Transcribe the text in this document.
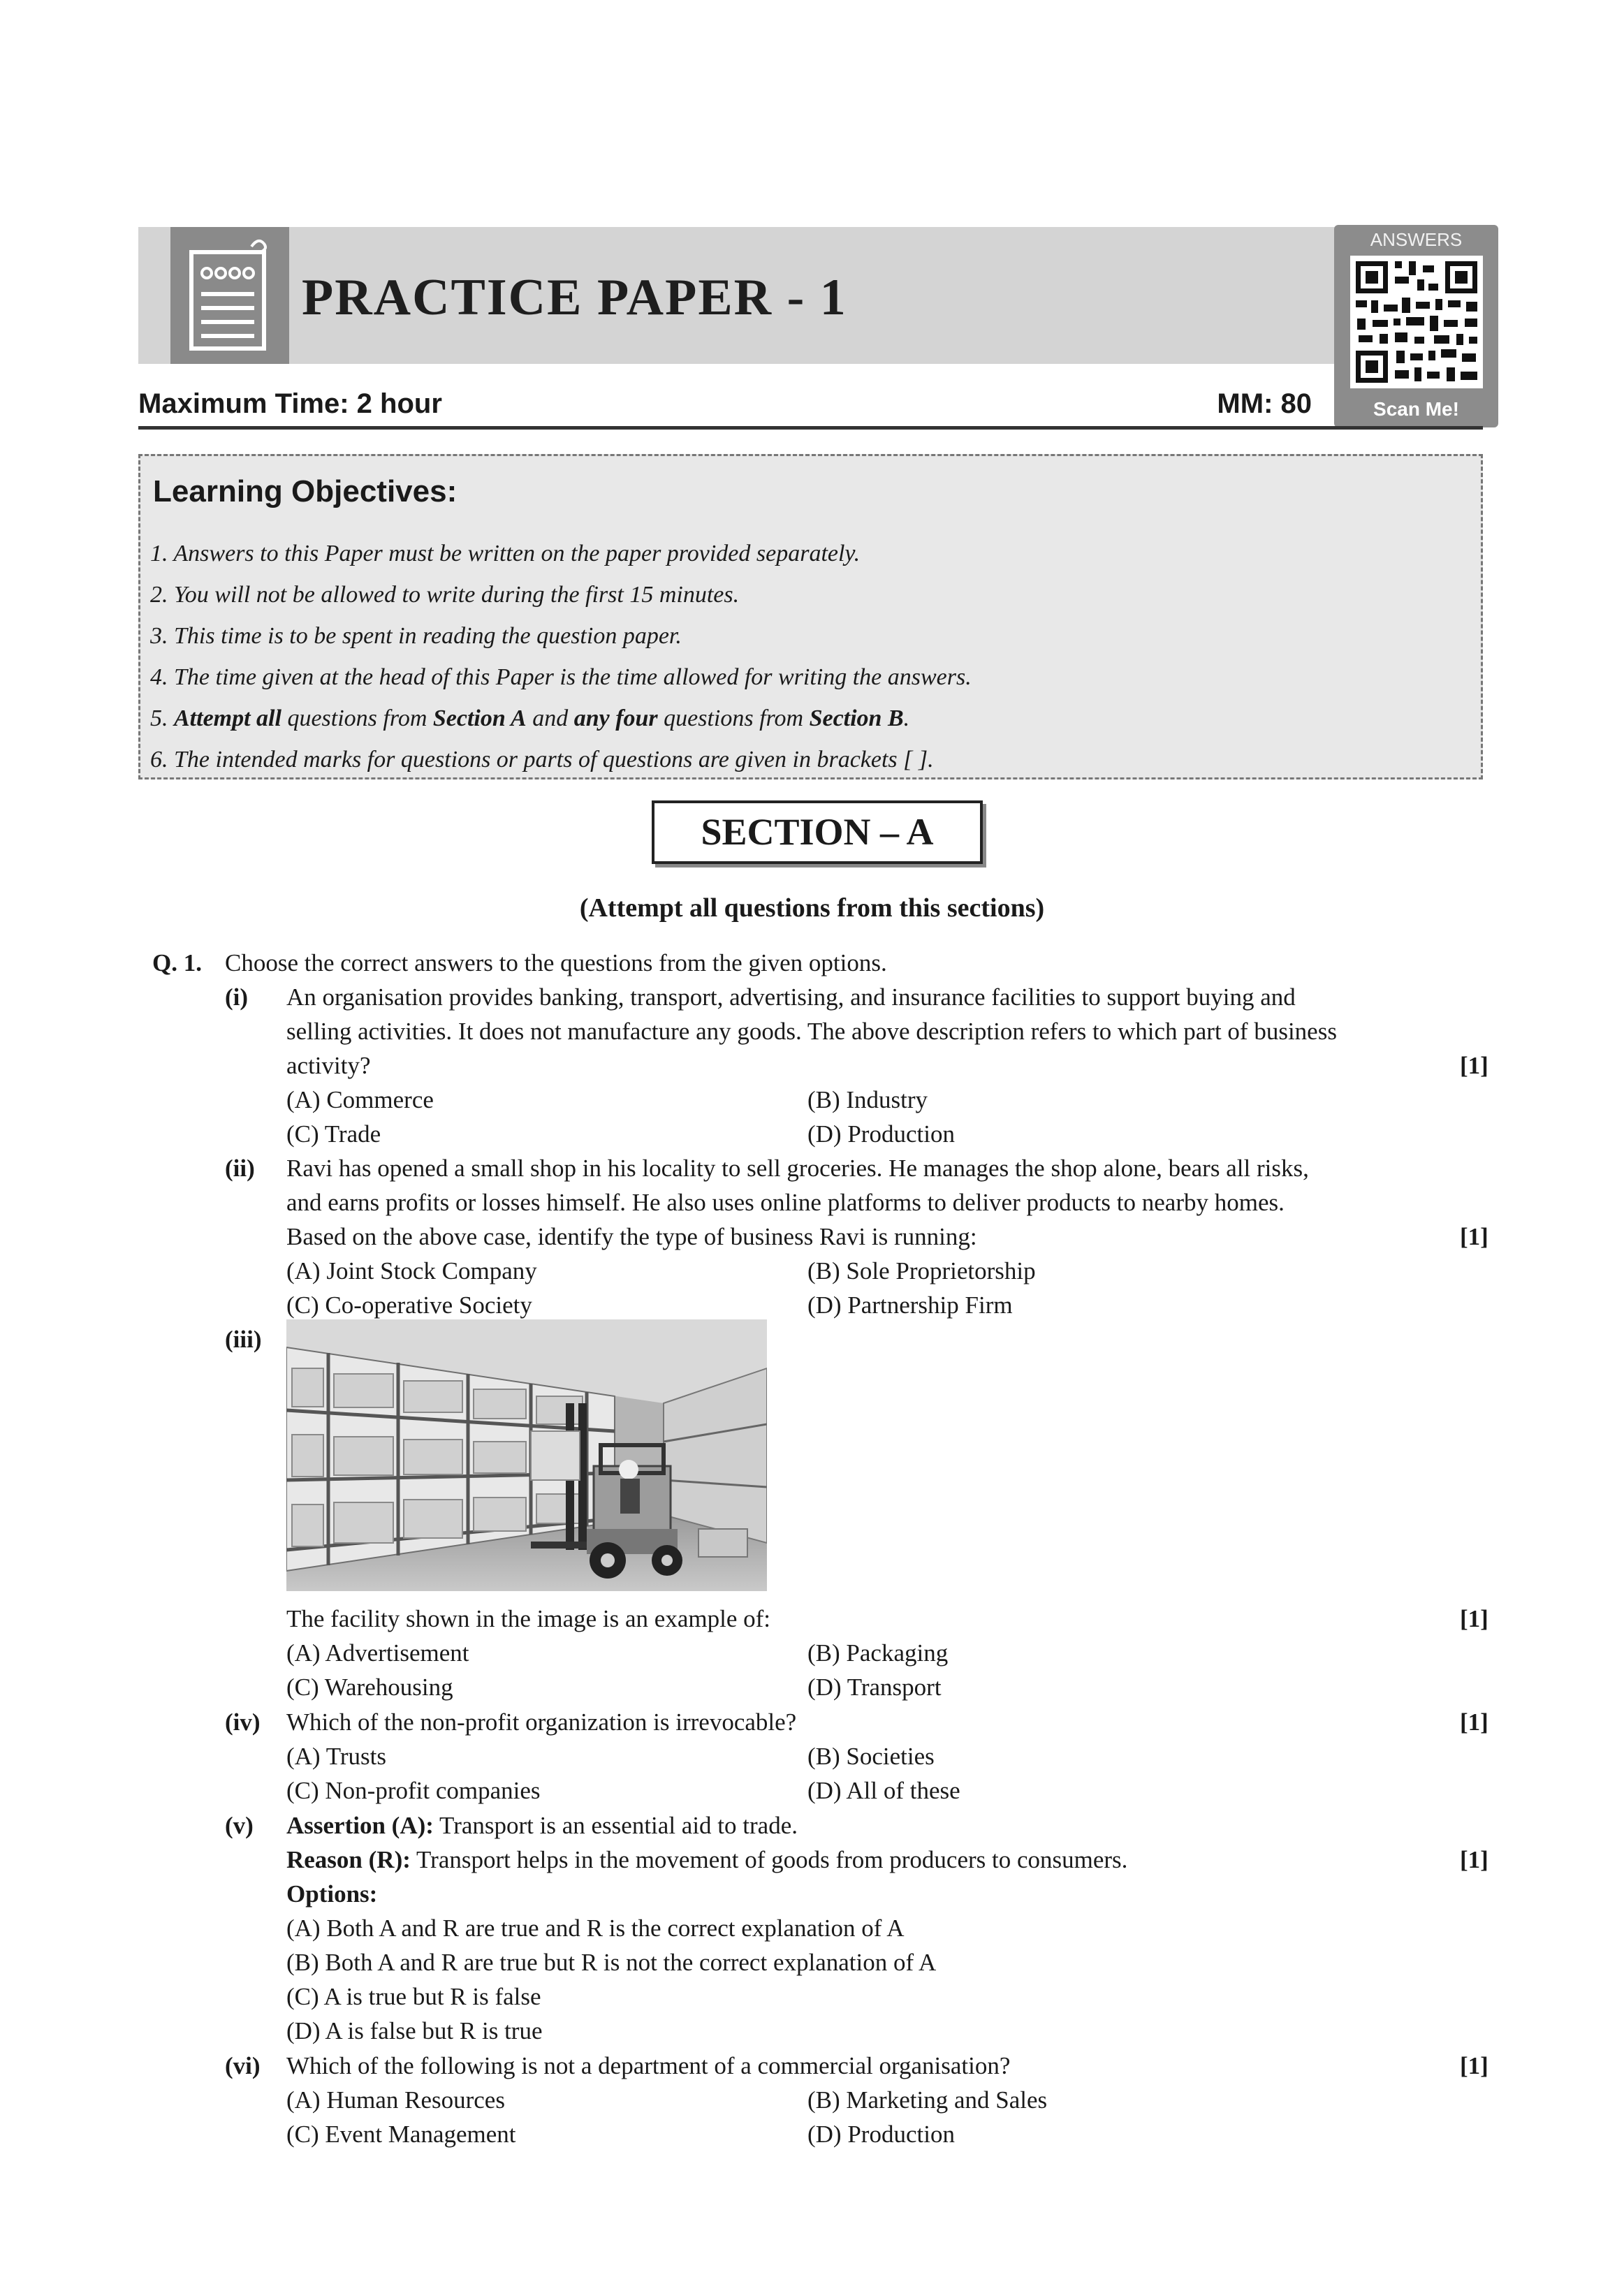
PRACTICE PAPER - 1
ANSWERS
Scan Me!
Maximum Time: 2 hour	MM: 80
Learning Objectives:
1. Answers to this Paper must be written on the paper provided separately.
2. You will not be allowed to write during the first 15 minutes.
3. This time is to be spent in reading the question paper.
4. The time given at the head of this Paper is the time allowed for writing the answers.
5. Attempt all questions from Section A and any four questions from Section B.
6. The intended marks for questions or parts of questions are given in brackets [ ].
SECTION – A
(Attempt all questions from this sections)
Q. 1. Choose the correct answers to the questions from the given options.
(i) An organisation provides banking, transport, advertising, and insurance facilities to support buying and
selling activities. It does not manufacture any goods. The above description refers to which part of business
activity?	[1]
(A) Commerce	(B) Industry
(C) Trade	(D) Production
(ii) Ravi has opened a small shop in his locality to sell groceries. He manages the shop alone, bears all risks,
and earns profits or losses himself. He also uses online platforms to deliver products to nearby homes.
Based on the above case, identify the type of business Ravi is running:	[1]
(A) Joint Stock Company	(B) Sole Proprietorship
(C) Co-operative Society	(D) Partnership Firm
(iii)
The facility shown in the image is an example of:	[1]
(A) Advertisement	(B) Packaging
(C) Warehousing	(D) Transport
(iv) Which of the non-profit organization is irrevocable?	[1]
(A) Trusts	(B) Societies
(C) Non-profit companies	(D) All of these
(v) Assertion (A): Transport is an essential aid to trade.
Reason (R): Transport helps in the movement of goods from producers to consumers.	[1]
Options:
(A) Both A and R are true and R is the correct explanation of A
(B) Both A and R are true but R is not the correct explanation of A
(C) A is true but R is false
(D) A is false but R is true
(vi) Which of the following is not a department of a commercial organisation?	[1]
(A) Human Resources	(B) Marketing and Sales
(C) Event Management	(D) Production
